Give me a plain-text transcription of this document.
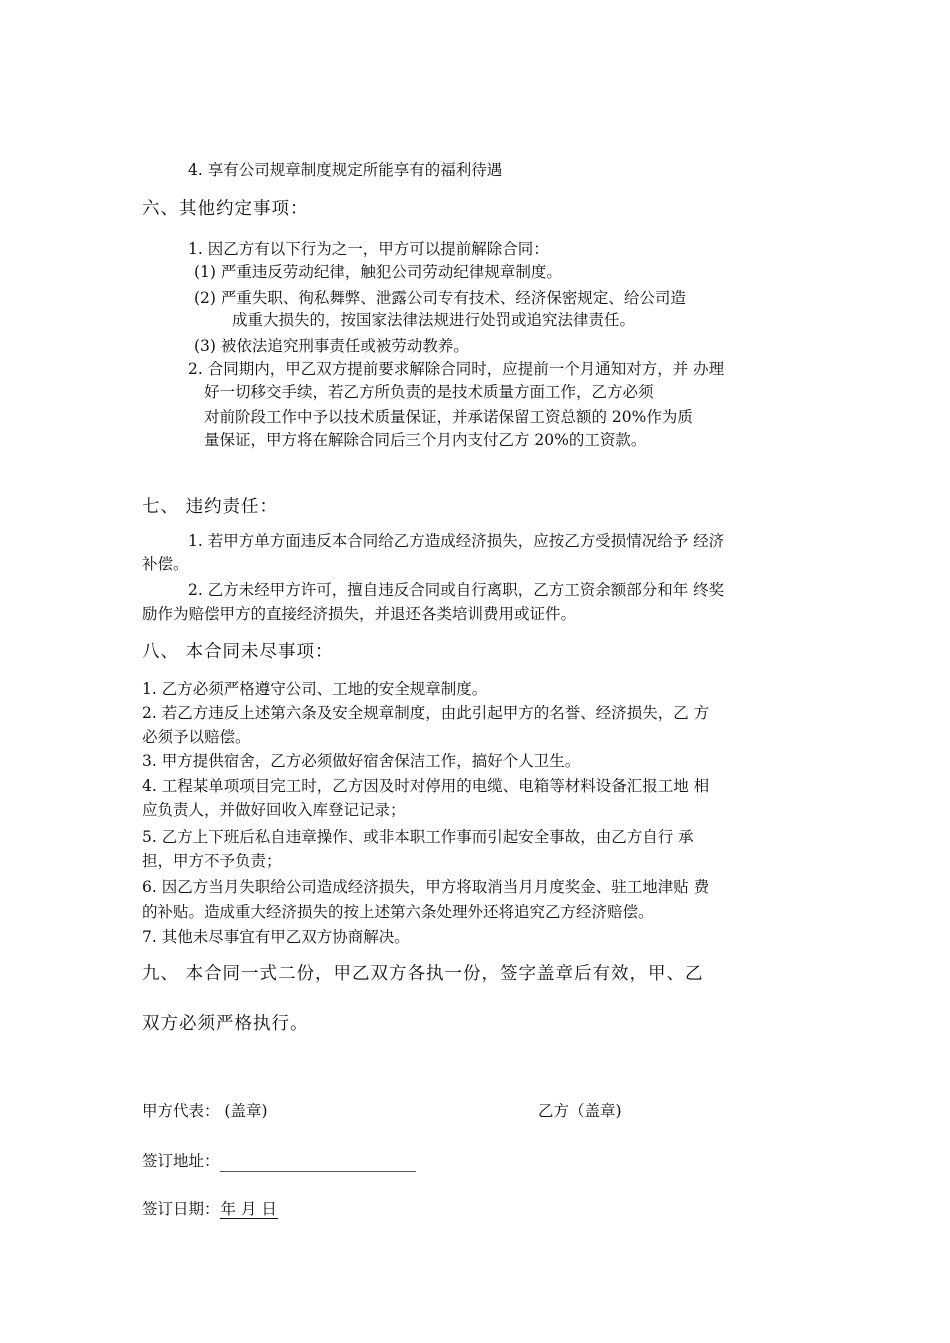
4. 享有公司规章制度规定所能享有的福利待遇
六、其他约定事项：
1. 因乙方有以下行为之一，甲方可以提前解除合同：
(1) 严重违反劳动纪律，触犯公司劳动纪律规章制度。
(2) 严重失职、徇私舞弊、泄露公司专有技术、经济保密规定、给公司造
成重大损失的，按国家法律法规进行处罚或追究法律责任。
(3) 被依法追究刑事责任或被劳动教养。
2. 合同期内，甲乙双方提前要求解除合同时，应提前一个月通知对方，并 办理
好一切移交手续，若乙方所负责的是技术质量方面工作，乙方必须
对前阶段工作中予以技术质量保证，并承诺保留工资总额的 20%作为质
量保证，甲方将在解除合同后三个月内支付乙方 20%的工资款。
七、 违约责任：
1. 若甲方单方面违反本合同给乙方造成经济损失，应按乙方受损情况给予 经济
补偿。
2. 乙方未经甲方许可，擅自违反合同或自行离职，乙方工资余额部分和年 终奖
励作为赔偿甲方的直接经济损失，并退还各类培训费用或证件。
八、 本合同未尽事项：
1. 乙方必须严格遵守公司、工地的安全规章制度。
2. 若乙方违反上述第六条及安全规章制度，由此引起甲方的名誉、经济损失，乙 方
必须予以赔偿。
3. 甲方提供宿舍，乙方必须做好宿舍保洁工作，搞好个人卫生。
4. 工程某单项项目完工时，乙方因及时对停用的电缆、电箱等材料设备汇报工地 相
应负责人，并做好回收入库登记记录；
5. 乙方上下班后私自违章操作、或非本职工作事而引起安全事故，由乙方自行 承
担，甲方不予负责；
6. 因乙方当月失职给公司造成经济损失，甲方将取消当月月度奖金、驻工地津贴 费
的补贴。造成重大经济损失的按上述第六条处理外还将追究乙方经济赔偿。
7. 其他未尽事宜有甲乙双方协商解决。
九、 本合同一式二份，甲乙双方各执一份，签字盖章后有效，甲、乙
双方必须严格执行。
甲方代表： (盖章)	乙方（盖章)
签订地址：
签订日期：年 月 日
